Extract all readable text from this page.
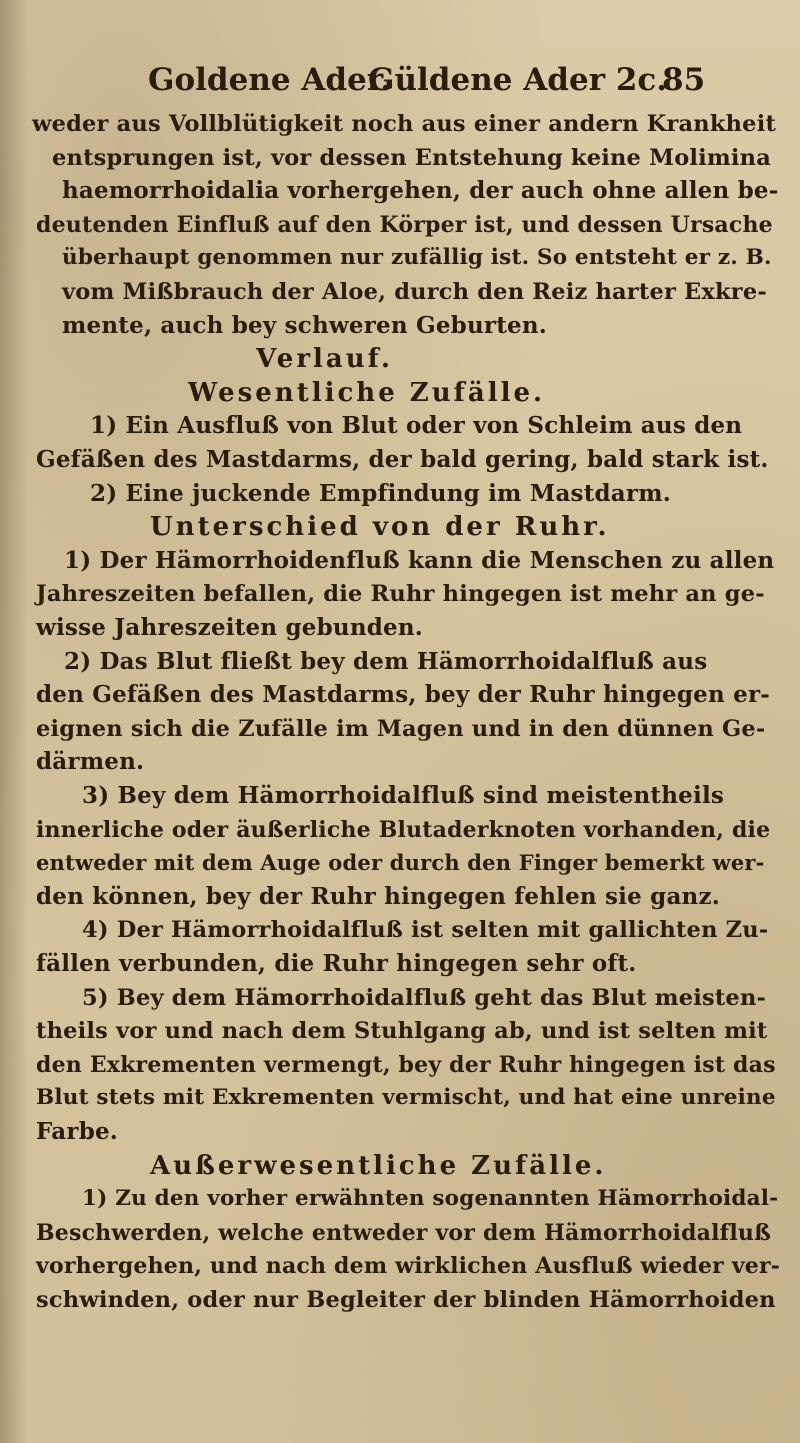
Goldene Ader.
Güldene Ader 2c.
85
weder aus Vollblütigkeit noch aus einer andern Krankheit
entsprungen ist, vor dessen Entstehung keine Molimina
haemorrhoidalia vorhergehen, der auch ohne allen be-
deutenden Einfluß auf den Körper ist, und dessen Ursache
überhaupt genommen nur zufällig ist. So entsteht er z. B.
vom Mißbrauch der Aloe, durch den Reiz harter Exkre-
mente, auch bey schweren Geburten.
Verlauf.
Wesentliche Zufälle.
1) Ein Ausfluß von Blut oder von Schleim aus den
Gefäßen des Mastdarms, der bald gering, bald stark ist.
2) Eine juckende Empfindung im Mastdarm.
Unterschied von der Ruhr.
1) Der Hämorrhoidenfluß kann die Menschen zu allen
Jahreszeiten befallen, die Ruhr hingegen ist mehr an ge-
wisse Jahreszeiten gebunden.
2) Das Blut fließt bey dem Hämorrhoidalfluß aus
den Gefäßen des Mastdarms, bey der Ruhr hingegen er-
eignen sich die Zufälle im Magen und in den dünnen Ge-
därmen.
3) Bey dem Hämorrhoidalfluß sind meistentheils
innerliche oder äußerliche Blutaderknoten vorhanden, die
entweder mit dem Auge oder durch den Finger bemerkt wer-
den können, bey der Ruhr hingegen fehlen sie ganz.
4) Der Hämorrhoidalfluß ist selten mit gallichten Zu-
fällen verbunden, die Ruhr hingegen sehr oft.
5) Bey dem Hämorrhoidalfluß geht das Blut meisten-
theils vor und nach dem Stuhlgang ab, und ist selten mit
den Exkrementen vermengt, bey der Ruhr hingegen ist das
Blut stets mit Exkrementen vermischt, und hat eine unreine
Farbe.
Außerwesentliche Zufälle.
1) Zu den vorher erwähnten sogenannten Hämorrhoidal-
Beschwerden, welche entweder vor dem Hämorrhoidalfluß
vorhergehen, und nach dem wirklichen Ausfluß wieder ver-
schwinden, oder nur Begleiter der blinden Hämorrhoiden
